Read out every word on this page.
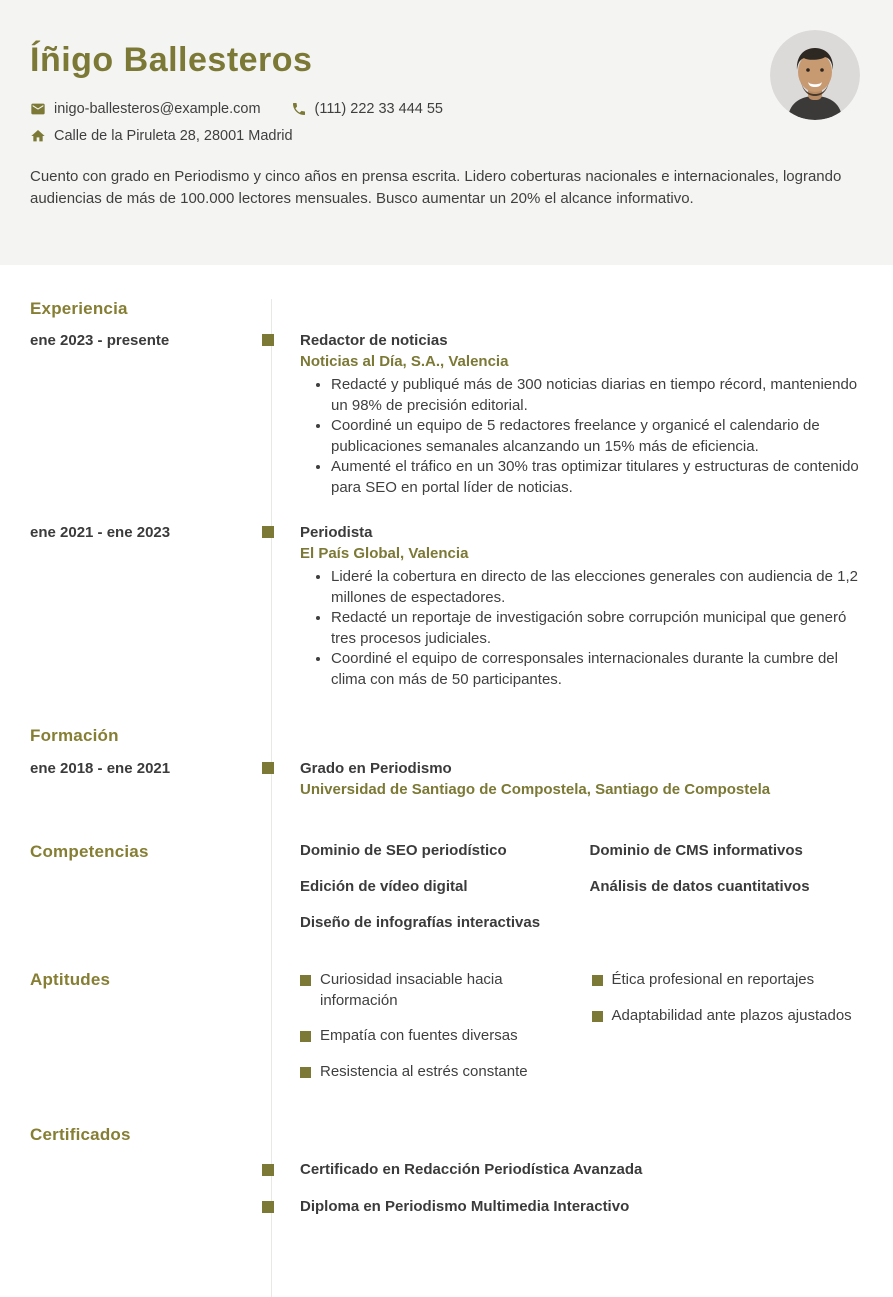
Íñigo Ballesteros
inigo-ballesteros@example.com	(111) 222 33 444 55
Calle de la Piruleta 28, 28001 Madrid
Cuento con grado en Periodismo y cinco años en prensa escrita. Lidero coberturas nacionales e internacionales, logrando audiencias de más de 100.000 lectores mensuales. Busco aumentar un 20% el alcance informativo.
Experiencia
ene 2023 - presente	Redactor de noticias
Noticias al Día, S.A., Valencia
• Redacté y publiqué más de 300 noticias diarias en tiempo récord, manteniendo un 98% de precisión editorial.
• Coordiné un equipo de 5 redactores freelance y organicé el calendario de publicaciones semanales alcanzando un 15% más de eficiencia.
• Aumenté el tráfico en un 30% tras optimizar titulares y estructuras de contenido para SEO en portal líder de noticias.
ene 2021 - ene 2023	Periodista
El País Global, Valencia
• Lideré la cobertura en directo de las elecciones generales con audiencia de 1,2 millones de espectadores.
• Redacté un reportaje de investigación sobre corrupción municipal que generó tres procesos judiciales.
• Coordiné el equipo de corresponsales internacionales durante la cumbre del clima con más de 50 participantes.
Formación
ene 2018 - ene 2021	Grado en Periodismo
Universidad de Santiago de Compostela, Santiago de Compostela
Competencias	Dominio de SEO periodístico	Dominio de CMS informativos
Edición de vídeo digital	Análisis de datos cuantitativos
Diseño de infografías interactivas
Aptitudes	Curiosidad insaciable hacia información
Empatía con fuentes diversas
Resistencia al estrés constante
Ética profesional en reportajes
Adaptabilidad ante plazos ajustados
Certificados
Certificado en Redacción Periodística Avanzada
Diploma en Periodismo Multimedia Interactivo
